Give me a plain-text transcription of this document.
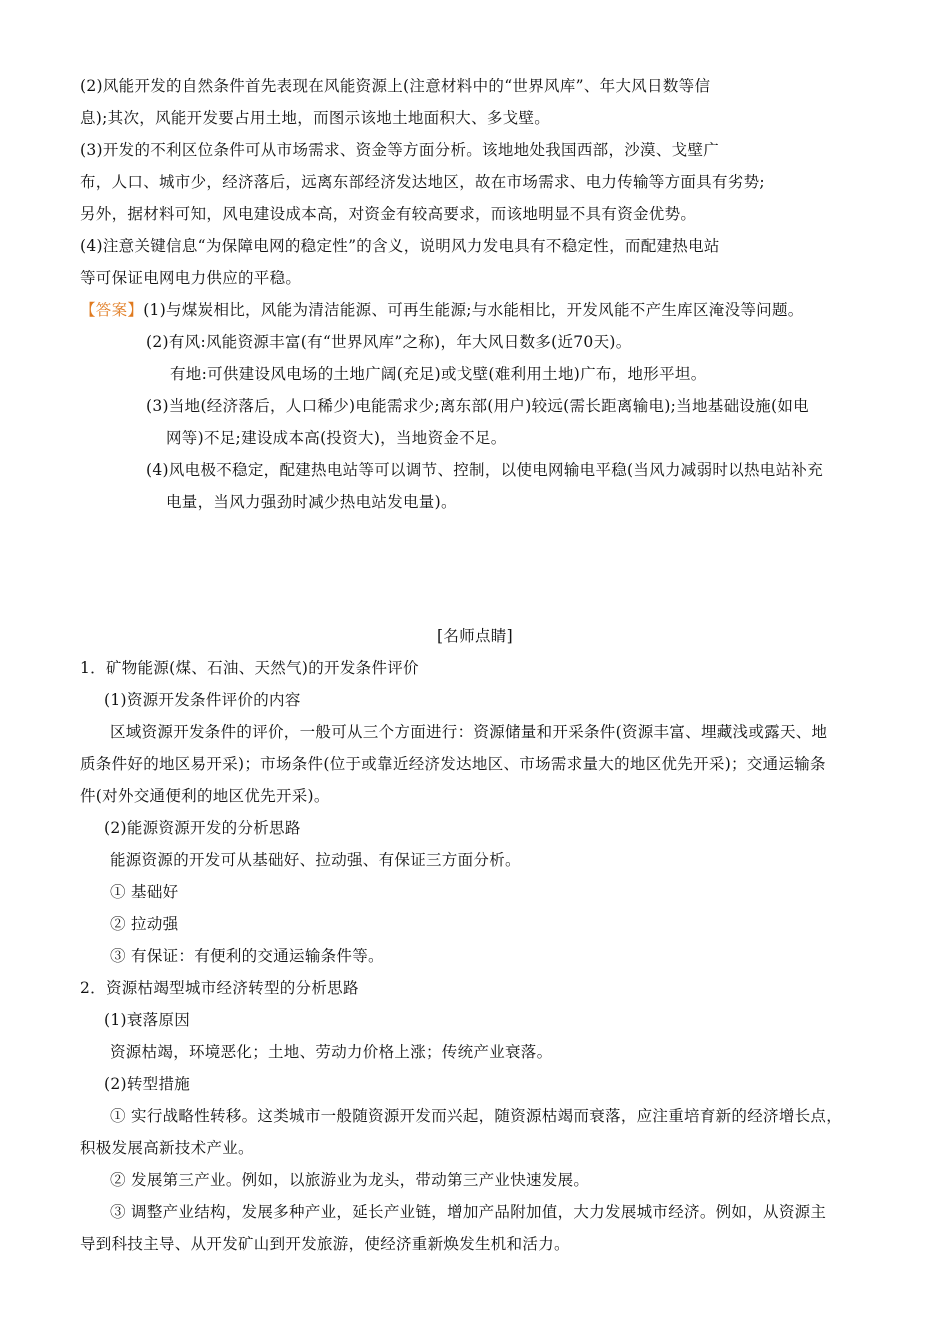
(2)风能开发的自然条件首先表现在风能资源上(注意材料中的“世界风库”、年大风日数等信
息);其次，风能开发要占用土地，而图示该地土地面积大、多戈壁。
(3)开发的不利区位条件可从市场需求、资金等方面分析。该地地处我国西部，沙漠、戈壁广
布，人口、城市少，经济落后，远离东部经济发达地区，故在市场需求、电力传输等方面具有劣势;
另外，据材料可知，风电建设成本高，对资金有较高要求，而该地明显不具有资金优势。
(4)注意关键信息“为保障电网的稳定性”的含义，说明风力发电具有不稳定性，而配建热电站
等可保证电网电力供应的平稳。
【答案】(1)与煤炭相比，风能为清洁能源、可再生能源;与水能相比，开发风能不产生库区淹没等问题。
(2)有风:风能资源丰富(有“世界风库”之称)，年大风日数多(近70天)。
有地:可供建设风电场的土地广阔(充足)或戈壁(难利用土地)广布，地形平坦。
(3)当地(经济落后，人口稀少)电能需求少;离东部(用户)较远(需长距离输电);当地基础设施(如电
网等)不足;建设成本高(投资大)，当地资金不足。
(4)风电极不稳定，配建热电站等可以调节、控制，以使电网输电平稳(当风力减弱时以热电站补充
电量，当风力强劲时减少热电站发电量)。
[名师点睛]
1．矿物能源(煤、石油、天然气)的开发条件评价
(1)资源开发条件评价的内容
区域资源开发条件的评价，一般可从三个方面进行：资源储量和开采条件(资源丰富、埋藏浅或露天、地
质条件好的地区易开采)；市场条件(位于或靠近经济发达地区、市场需求量大的地区优先开采)；交通运输条
件(对外交通便利的地区优先开采)。
(2)能源资源开发的分析思路
能源资源的开发可从基础好、拉动强、有保证三方面分析。
① 基础好
② 拉动强
③ 有保证：有便利的交通运输条件等。
2．资源枯竭型城市经济转型的分析思路
(1)衰落原因
资源枯竭，环境恶化；土地、劳动力价格上涨；传统产业衰落。
(2)转型措施
① 实行战略性转移。这类城市一般随资源开发而兴起，随资源枯竭而衰落，应注重培育新的经济增长点，
积极发展高新技术产业。
② 发展第三产业。例如，以旅游业为龙头，带动第三产业快速发展。
③ 调整产业结构，发展多种产业，延长产业链，增加产品附加值，大力发展城市经济。例如，从资源主
导到科技主导、从开发矿山到开发旅游，使经济重新焕发生机和活力。
